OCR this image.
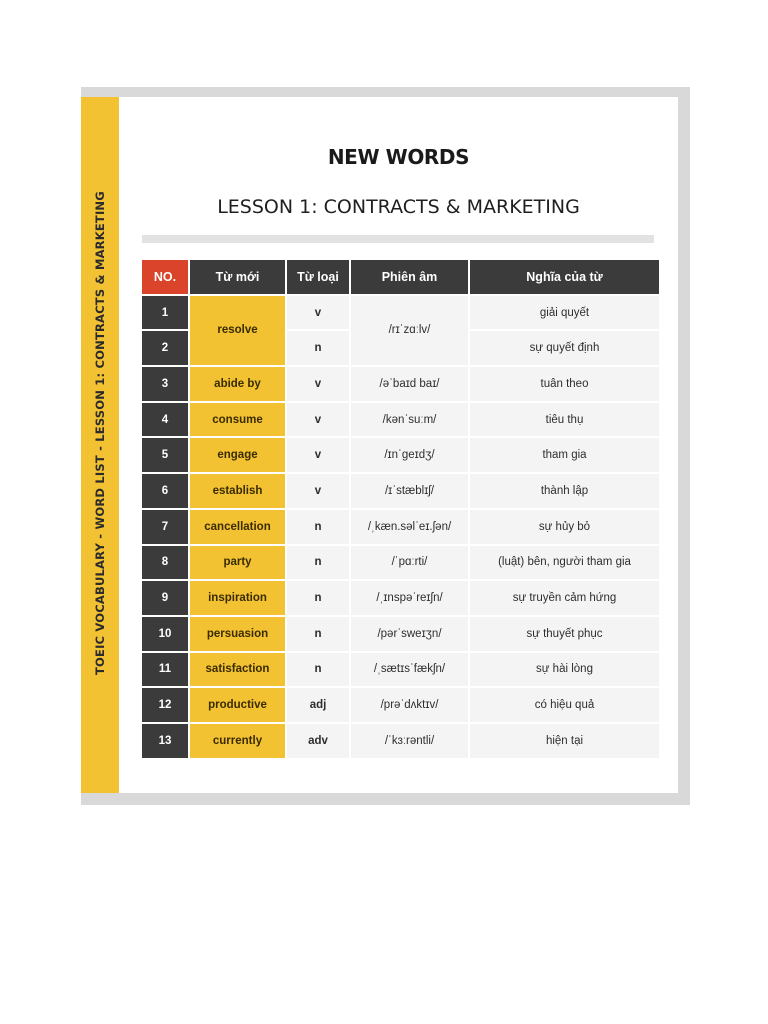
TOEIC VOCABULARY - WORD LIST - LESSON 1: CONTRACTS & MARKETING
NEW WORDS
LESSON 1: CONTRACTS & MARKETING
NO.	Từ mới	Từ loại	Phiên âm	Nghĩa của từ
1	resolve	v	/rɪˈzɑːlv/	giải quyết
2		n		sự quyết định
3	abide by	v	/əˈbaɪd baɪ/	tuân theo
4	consume	v	/kənˈsuːm/	tiêu thụ
5	engage	v	/ɪnˈɡeɪdʒ/	tham gia
6	establish	v	/ɪˈstæblɪʃ/	thành lập
7	cancellation	n	/ˌkæn.səlˈeɪ.ʃən/	sự hủy bỏ
8	party	n	/ˈpɑːrti/	(luật) bên, người tham gia
9	inspiration	n	/ˌɪnspəˈreɪʃn/	sự truyền cảm hứng
10	persuasion	n	/pərˈsweɪʒn/	sự thuyết phục
11	satisfaction	n	/ˌsætɪsˈfækʃn/	sự hài lòng
12	productive	adj	/prəˈdʌktɪv/	có hiệu quả
13	currently	adv	/ˈkɜːrəntli/	hiện tại
